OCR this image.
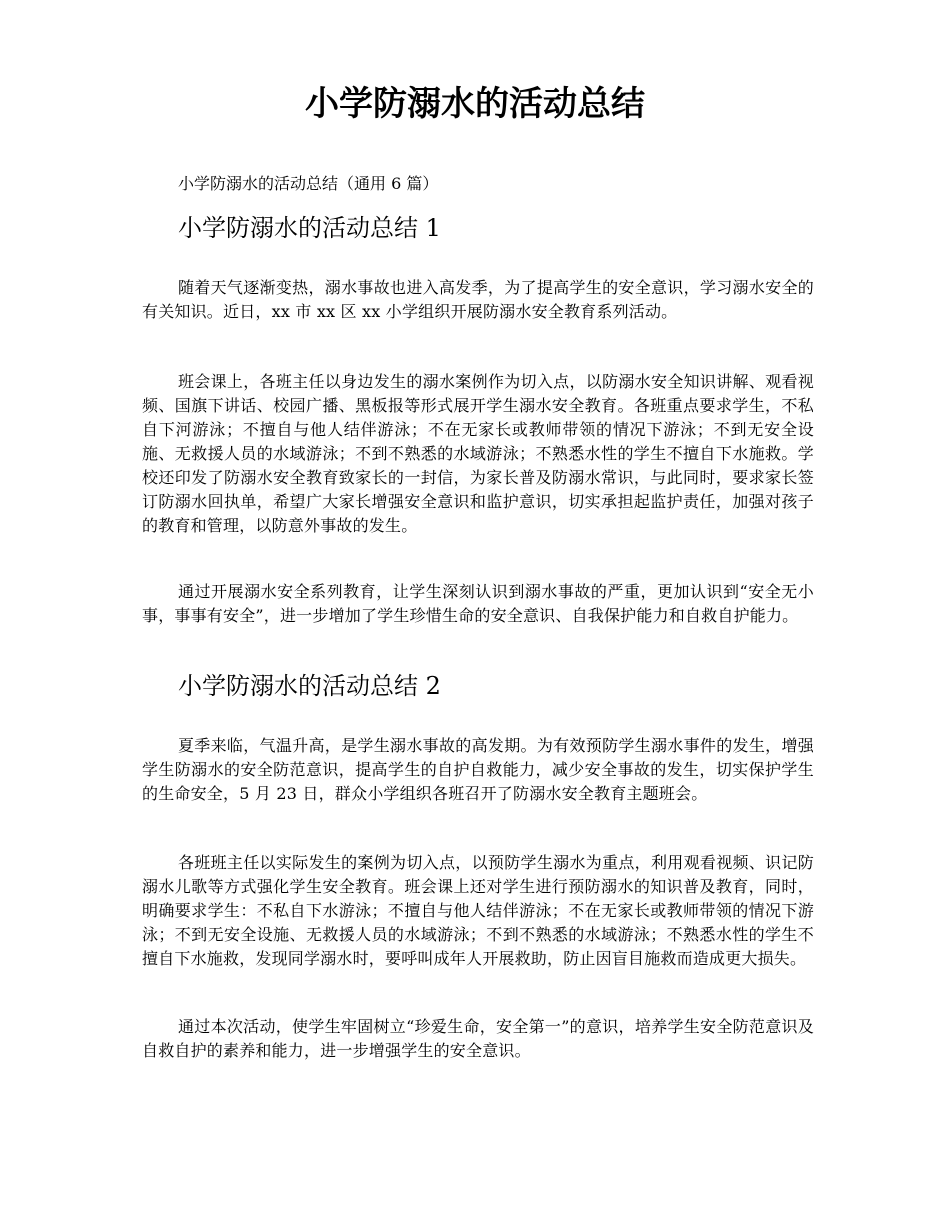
小学防溺水的活动总结

小学防溺水的活动总结（通用 6 篇）

小学防溺水的活动总结 1

随着天气逐渐变热，溺水事故也进入高发季，为了提高学生的安全意识，学习溺水安全的有关知识。近日，xx 市 xx 区 xx 小学组织开展防溺水安全教育系列活动。

班会课上，各班主任以身边发生的溺水案例作为切入点，以防溺水安全知识讲解、观看视频、国旗下讲话、校园广播、黑板报等形式展开学生溺水安全教育。各班重点要求学生，不私自下河游泳；不擅自与他人结伴游泳；不在无家长或教师带领的情况下游泳；不到无安全设施、无救援人员的水域游泳；不到不熟悉的水域游泳；不熟悉水性的学生不擅自下水施救。学校还印发了防溺水安全教育致家长的一封信，为家长普及防溺水常识，与此同时，要求家长签订防溺水回执单，希望广大家长增强安全意识和监护意识，切实承担起监护责任，加强对孩子的教育和管理，以防意外事故的发生。

通过开展溺水安全系列教育，让学生深刻认识到溺水事故的严重，更加认识到“安全无小事，事事有安全”，进一步增加了学生珍惜生命的安全意识、自我保护能力和自救自护能力。

小学防溺水的活动总结 2

夏季来临，气温升高，是学生溺水事故的高发期。为有效预防学生溺水事件的发生，增强学生防溺水的安全防范意识，提高学生的自护自救能力，减少安全事故的发生，切实保护学生的生命安全，5 月 23 日，群众小学组织各班召开了防溺水安全教育主题班会。

各班班主任以实际发生的案例为切入点，以预防学生溺水为重点，利用观看视频、识记防溺水儿歌等方式强化学生安全教育。班会课上还对学生进行预防溺水的知识普及教育，同时，明确要求学生：不私自下水游泳；不擅自与他人结伴游泳；不在无家长或教师带领的情况下游泳；不到无安全设施、无救援人员的水域游泳；不到不熟悉的水域游泳；不熟悉水性的学生不擅自下水施救，发现同学溺水时，要呼叫成年人开展救助，防止因盲目施救而造成更大损失。

通过本次活动，使学生牢固树立“珍爱生命，安全第一”的意识，培养学生安全防范意识及自救自护的素养和能力，进一步增强学生的安全意识。
